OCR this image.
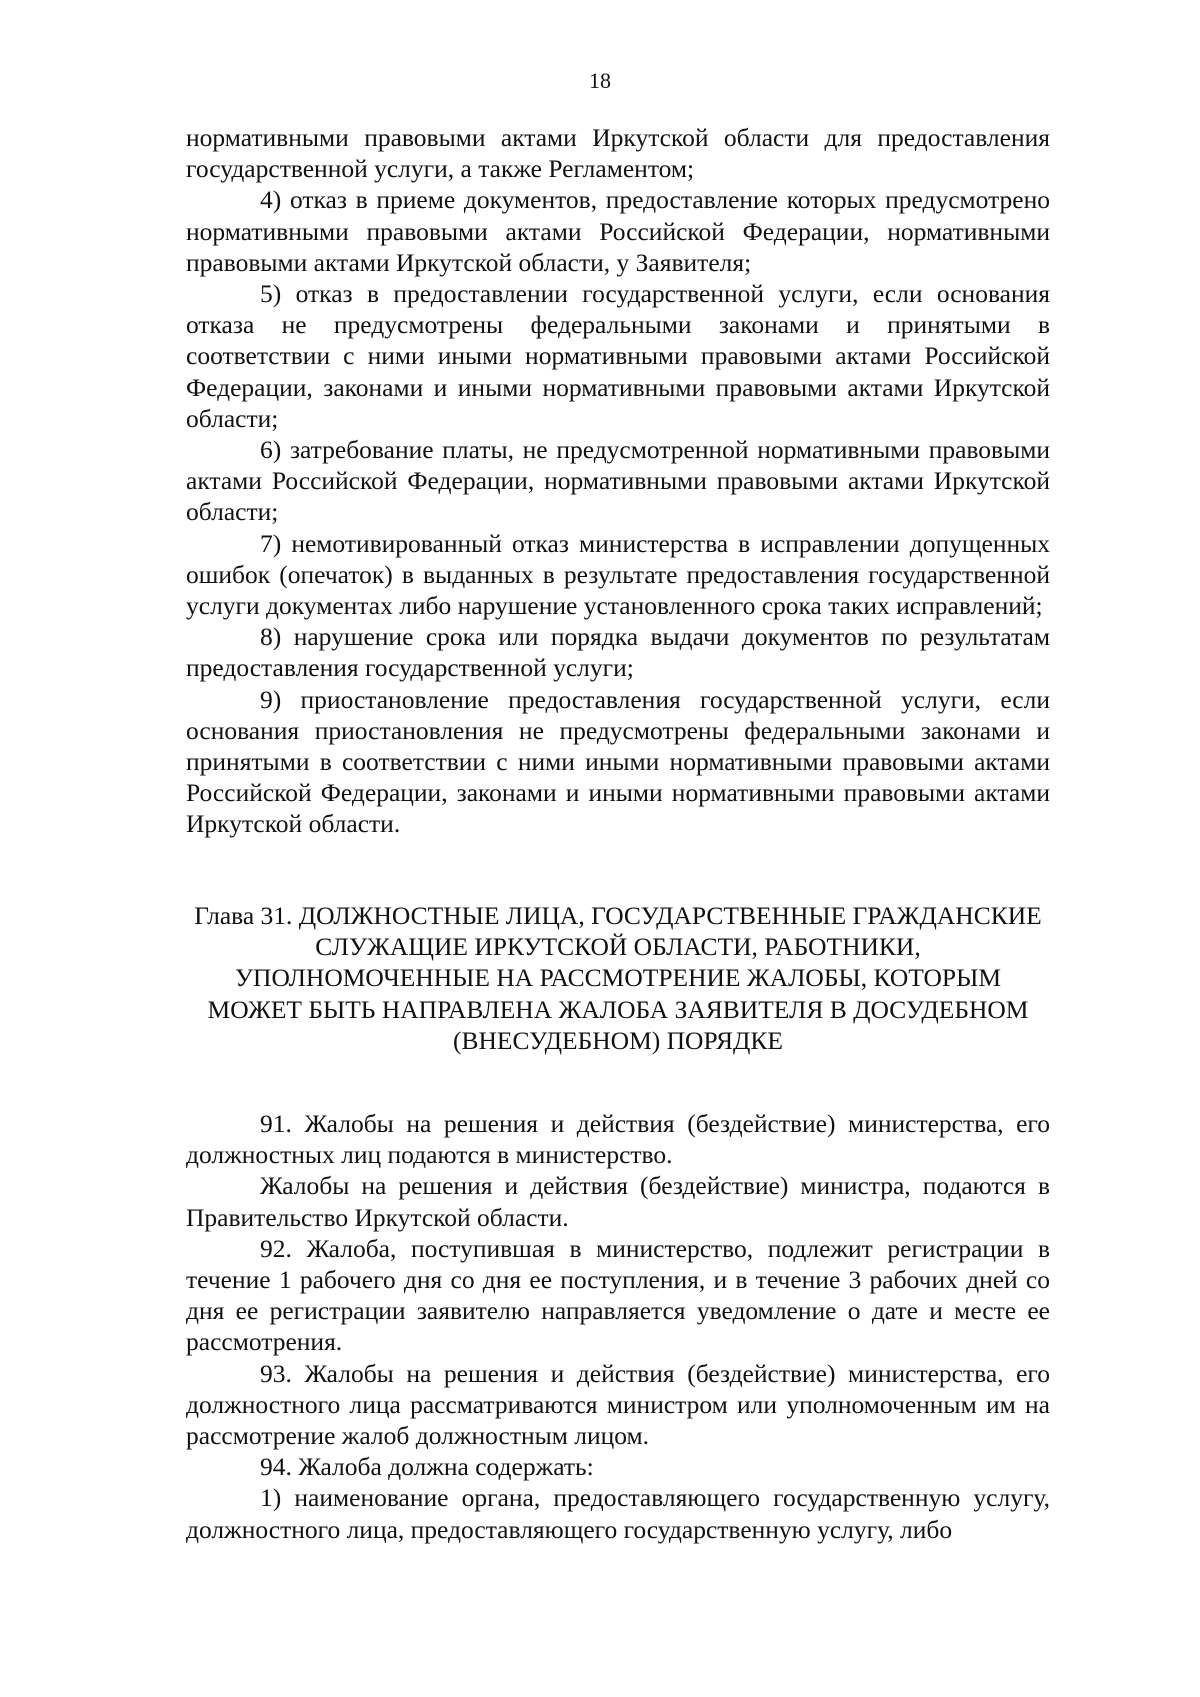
18

нормативными правовыми актами Иркутской области для предоставления государственной услуги, а также Регламентом;

4) отказ в приеме документов, предоставление которых предусмотрено нормативными правовыми актами Российской Федерации, нормативными правовыми актами Иркутской области, у Заявителя;

5) отказ в предоставлении государственной услуги, если основания отказа не предусмотрены федеральными законами и принятыми в соответствии с ними иными нормативными правовыми актами Российской Федерации, законами и иными нормативными правовыми актами Иркутской области;

6) затребование платы, не предусмотренной нормативными правовыми актами Российской Федерации, нормативными правовыми актами Иркутской области;

7) немотивированный отказ министерства в исправлении допущенных ошибок (опечаток) в выданных в результате предоставления государственной услуги документах либо нарушение установленного срока таких исправлений;

8) нарушение срока или порядка выдачи документов по результатам предоставления государственной услуги;

9) приостановление предоставления государственной услуги, если основания приостановления не предусмотрены федеральными законами и принятыми в соответствии с ними иными нормативными правовыми актами Российской Федерации, законами и иными нормативными правовыми актами Иркутской области.

Глава 31. ДОЛЖНОСТНЫЕ ЛИЦА, ГОСУДАРСТВЕННЫЕ ГРАЖДАНСКИЕ СЛУЖАЩИЕ ИРКУТСКОЙ ОБЛАСТИ, РАБОТНИКИ, УПОЛНОМОЧЕННЫЕ НА РАССМОТРЕНИЕ ЖАЛОБЫ, КОТОРЫМ МОЖЕТ БЫТЬ НАПРАВЛЕНА ЖАЛОБА ЗАЯВИТЕЛЯ В ДОСУДЕБНОМ (ВНЕСУДЕБНОМ) ПОРЯДКЕ

91. Жалобы на решения и действия (бездействие) министерства, его должностных лиц подаются в министерство.

Жалобы на решения и действия (бездействие) министра, подаются в Правительство Иркутской области.

92. Жалоба, поступившая в министерство, подлежит регистрации в течение 1 рабочего дня со дня ее поступления, и в течение 3 рабочих дней со дня ее регистрации заявителю направляется уведомление о дате и месте ее рассмотрения.

93. Жалобы на решения и действия (бездействие) министерства, его должностного лица рассматриваются министром или уполномоченным им на рассмотрение жалоб должностным лицом.

94. Жалоба должна содержать:

1) наименование органа, предоставляющего государственную услугу, должностного лица, предоставляющего государственную услугу, либо
